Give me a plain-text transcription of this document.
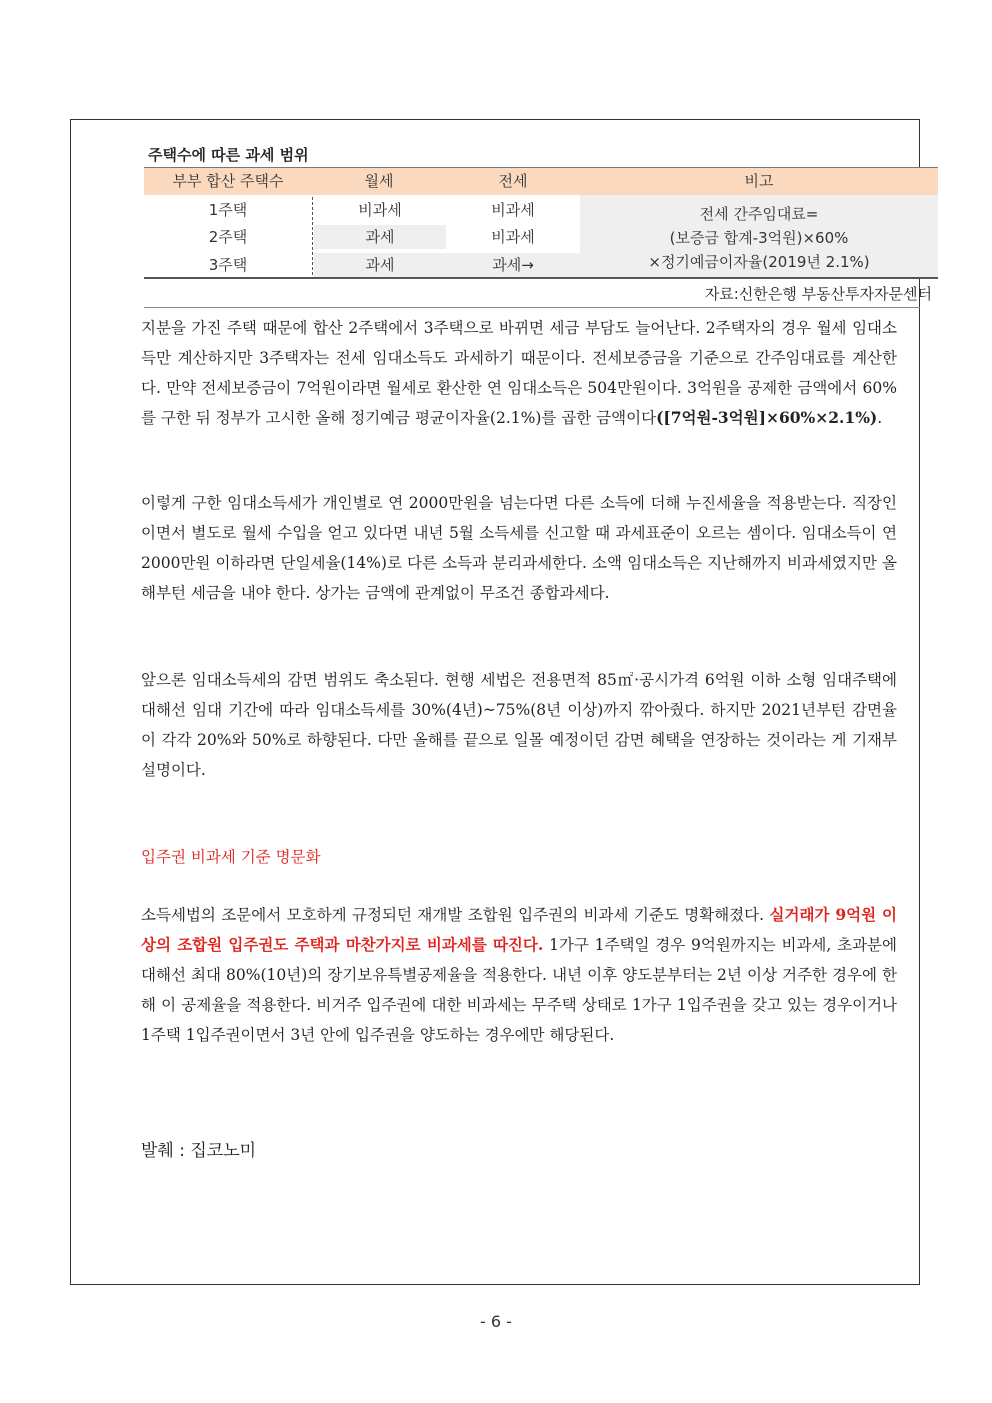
주택수에 따른 과세 범위
부부 합산 주택수	월세	전세	비고
1주택	비과세	비과세
2주택	과세	비과세
3주택	과세	과세→
전세 간주임대료=
(보증금 합계-3억원)×60%
×정기예금이자율(2019년 2.1%)
자료:신한은행 부동산투자자문센터

지분을 가진 주택 때문에 합산 2주택에서 3주택으로 바뀌면 세금 부담도 늘어난다. 2주택자의 경우 월세 임대소득만 계산하지만 3주택자는 전세 임대소득도 과세하기 때문이다. 전세보증금을 기준으로 간주임대료를 계산한다. 만약 전세보증금이 7억원이라면 월세로 환산한 연 임대소득은 504만원이다. 3억원을 공제한 금액에서 60%를 구한 뒤 정부가 고시한 올해 정기예금 평균이자율(2.1%)를 곱한 금액이다([7억원-3억원]×60%×2.1%).

이렇게 구한 임대소득세가 개인별로 연 2000만원을 넘는다면 다른 소득에 더해 누진세율을 적용받는다. 직장인이면서 별도로 월세 수입을 얻고 있다면 내년 5월 소득세를 신고할 때 과세표준이 오르는 셈이다. 임대소득이 연 2000만원 이하라면 단일세율(14%)로 다른 소득과 분리과세한다. 소액 임대소득은 지난해까지 비과세였지만 올해부턴 세금을 내야 한다. 상가는 금액에 관계없이 무조건 종합과세다.

앞으론 임대소득세의 감면 범위도 축소된다. 현행 세법은 전용면적 85㎡·공시가격 6억원 이하 소형 임대주택에 대해선 임대 기간에 따라 임대소득세를 30%(4년)~75%(8년 이상)까지 깎아줬다. 하지만 2021년부턴 감면율이 각각 20%와 50%로 하향된다. 다만 올해를 끝으로 일몰 예정이던 감면 혜택을 연장하는 것이라는 게 기재부 설명이다.

입주권 비과세 기준 명문화

소득세법의 조문에서 모호하게 규정되던 재개발 조합원 입주권의 비과세 기준도 명확해졌다. 실거래가 9억원 이상의 조합원 입주권도 주택과 마찬가지로 비과세를 따진다. 1가구 1주택일 경우 9억원까지는 비과세, 초과분에 대해선 최대 80%(10년)의 장기보유특별공제율을 적용한다. 내년 이후 양도분부터는 2년 이상 거주한 경우에 한해 이 공제율을 적용한다. 비거주 입주권에 대한 비과세는 무주택 상태로 1가구 1입주권을 갖고 있는 경우이거나 1주택 1입주권이면서 3년 안에 입주권을 양도하는 경우에만 해당된다.

발췌 : 집코노미
- 6 -
